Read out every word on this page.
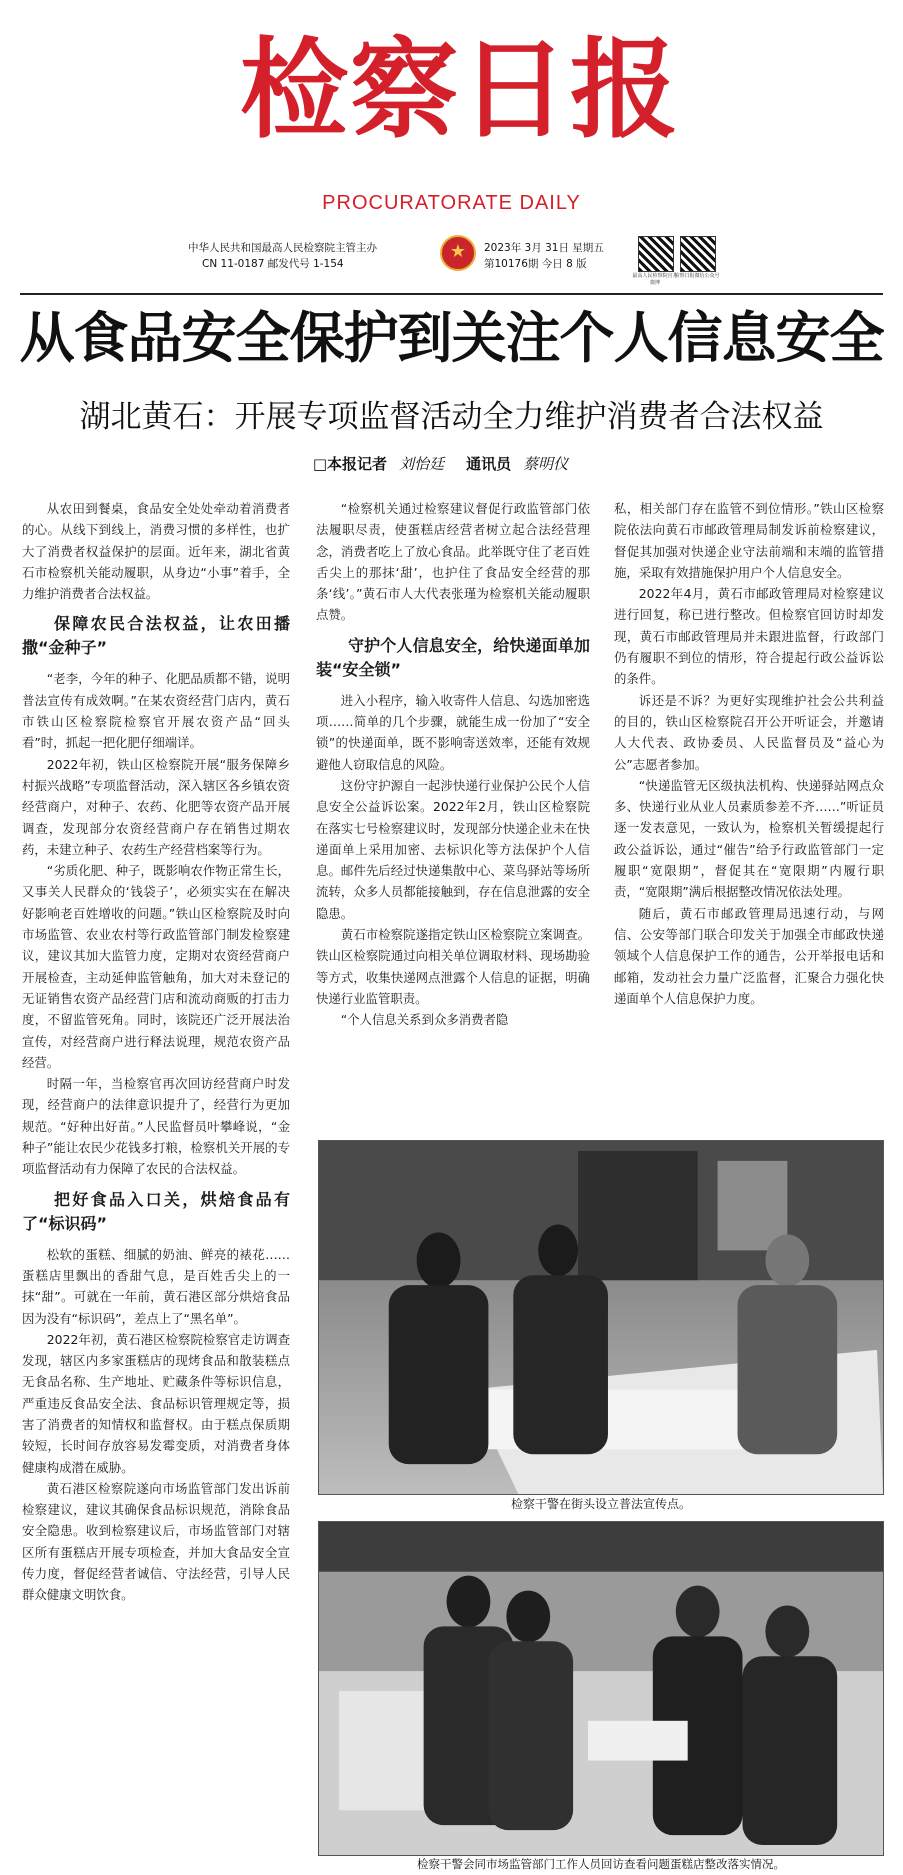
检察日报
PROCURATORATE DAILY
中华人民共和国最高人民检察院主管主办
CN 11-0187 邮发代号 1-154
★
2023年 3月 31日 星期五
第10176期 今日 8 版
最高人民检察院官方微博
检察日报微信公众号
从食品安全保护到关注个人信息安全
湖北黄石：开展专项监督活动全力维护消费者合法权益
□本报记者 刘怡廷 通讯员 蔡明仪

从农田到餐桌，食品安全处处牵动着消费者的心。从线下到线上，消费习惯的多样性，也扩大了消费者权益保护的层面。近年来，湖北省黄石市检察机关能动履职，从身边“小事”着手，全力维护消费者合法权益。

保障农民合法权益，让农田播撒“金种子”

“老李，今年的种子、化肥品质都不错，说明普法宣传有成效啊。”在某农资经营门店内，黄石市铁山区检察院检察官开展农资产品“回头看”时，抓起一把化肥仔细端详。

2022年初，铁山区检察院开展“服务保障乡村振兴战略”专项监督活动，深入辖区各乡镇农资经营商户，对种子、农药、化肥等农资产品开展调查，发现部分农资经营商户存在销售过期农药，未建立种子、农药生产经营档案等行为。

“劣质化肥、种子，既影响农作物正常生长，又事关人民群众的‘钱袋子’，必须实实在在解决好影响老百姓增收的问题。”铁山区检察院及时向市场监管、农业农村等行政监管部门制发检察建议，建议其加大监管力度，定期对农资经营商户开展检查，主动延伸监管触角，加大对未登记的无证销售农资产品经营门店和流动商贩的打击力度，不留监管死角。同时，该院还广泛开展法治宣传，对经营商户进行释法说理，规范农资产品经营。

时隔一年，当检察官再次回访经营商户时发现，经营商户的法律意识提升了，经营行为更加规范。“好种出好苗。”人民监督员叶攀峰说，“金种子”能让农民少花钱多打粮，检察机关开展的专项监督活动有力保障了农民的合法权益。

把好食品入口关，烘焙食品有了“标识码”

松软的蛋糕、细腻的奶油、鲜亮的裱花……蛋糕店里飘出的香甜气息，是百姓舌尖上的一抹“甜”。可就在一年前，黄石港区部分烘焙食品因为没有“标识码”，差点上了“黑名单”。

2022年初，黄石港区检察院检察官走访调查发现，辖区内多家蛋糕店的现烤食品和散装糕点无食品名称、生产地址、贮藏条件等标识信息，严重违反食品安全法、食品标识管理规定等，损害了消费者的知情权和监督权。由于糕点保质期较短，长时间存放容易发霉变质，对消费者身体健康构成潜在威胁。

黄石港区检察院遂向市场监管部门发出诉前检察建议，建议其确保食品标识规范，消除食品安全隐患。收到检察建议后，市场监管部门对辖区所有蛋糕店开展专项检查，并加大食品安全宣传力度，督促经营者诚信、守法经营，引导人民群众健康文明饮食。

“检察机关通过检察建议督促行政监管部门依法履职尽责，使蛋糕店经营者树立起合法经营理念，消费者吃上了放心食品。此举既守住了老百姓舌尖上的那抹‘甜’，也护住了食品安全经营的那条‘线’。”黄石市人大代表张瑾为检察机关能动履职点赞。

守护个人信息安全，给快递面单加装“安全锁”

进入小程序，输入收寄件人信息、勾选加密选项……简单的几个步骤，就能生成一份加了“安全锁”的快递面单，既不影响寄送效率，还能有效规避他人窃取信息的风险。

这份守护源自一起涉快递行业保护公民个人信息安全公益诉讼案。2022年2月，铁山区检察院在落实七号检察建议时，发现部分快递企业未在快递面单上采用加密、去标识化等方法保护个人信息。邮件先后经过快递集散中心、菜鸟驿站等场所流转，众多人员都能接触到，存在信息泄露的安全隐患。

黄石市检察院遂指定铁山区检察院立案调查。铁山区检察院通过向相关单位调取材料、现场勘验等方式，收集快递网点泄露个人信息的证据，明确快递行业监管职责。

“个人信息关系到众多消费者隐

私，相关部门存在监管不到位情形。”铁山区检察院依法向黄石市邮政管理局制发诉前检察建议，督促其加强对快递企业守法前端和末端的监管措施，采取有效措施保护用户个人信息安全。

2022年4月，黄石市邮政管理局对检察建议进行回复，称已进行整改。但检察官回访时却发现，黄石市邮政管理局并未跟进监督，行政部门仍有履职不到位的情形，符合提起行政公益诉讼的条件。

诉还是不诉？为更好实现维护社会公共利益的目的，铁山区检察院召开公开听证会，并邀请人大代表、政协委员、人民监督员及“益心为公”志愿者参加。

“快递监管无区级执法机构、快递驿站网点众多、快递行业从业人员素质参差不齐……”听证员逐一发表意见，一致认为，检察机关暂缓提起行政公益诉讼，通过“催告”给予行政监管部门一定履职“宽限期”，督促其在“宽限期”内履行职责，“宽限期”满后根据整改情况依法处理。

随后，黄石市邮政管理局迅速行动，与网信、公安等部门联合印发关于加强全市邮政快递领域个人信息保护工作的通告，公开举报电话和邮箱，发动社会力量广泛监督，汇聚合力强化快递面单个人信息保护力度。

检察干警在街头设立普法宣传点。
检察干警会同市场监管部门工作人员回访查看问题蛋糕店整改落实情况。
